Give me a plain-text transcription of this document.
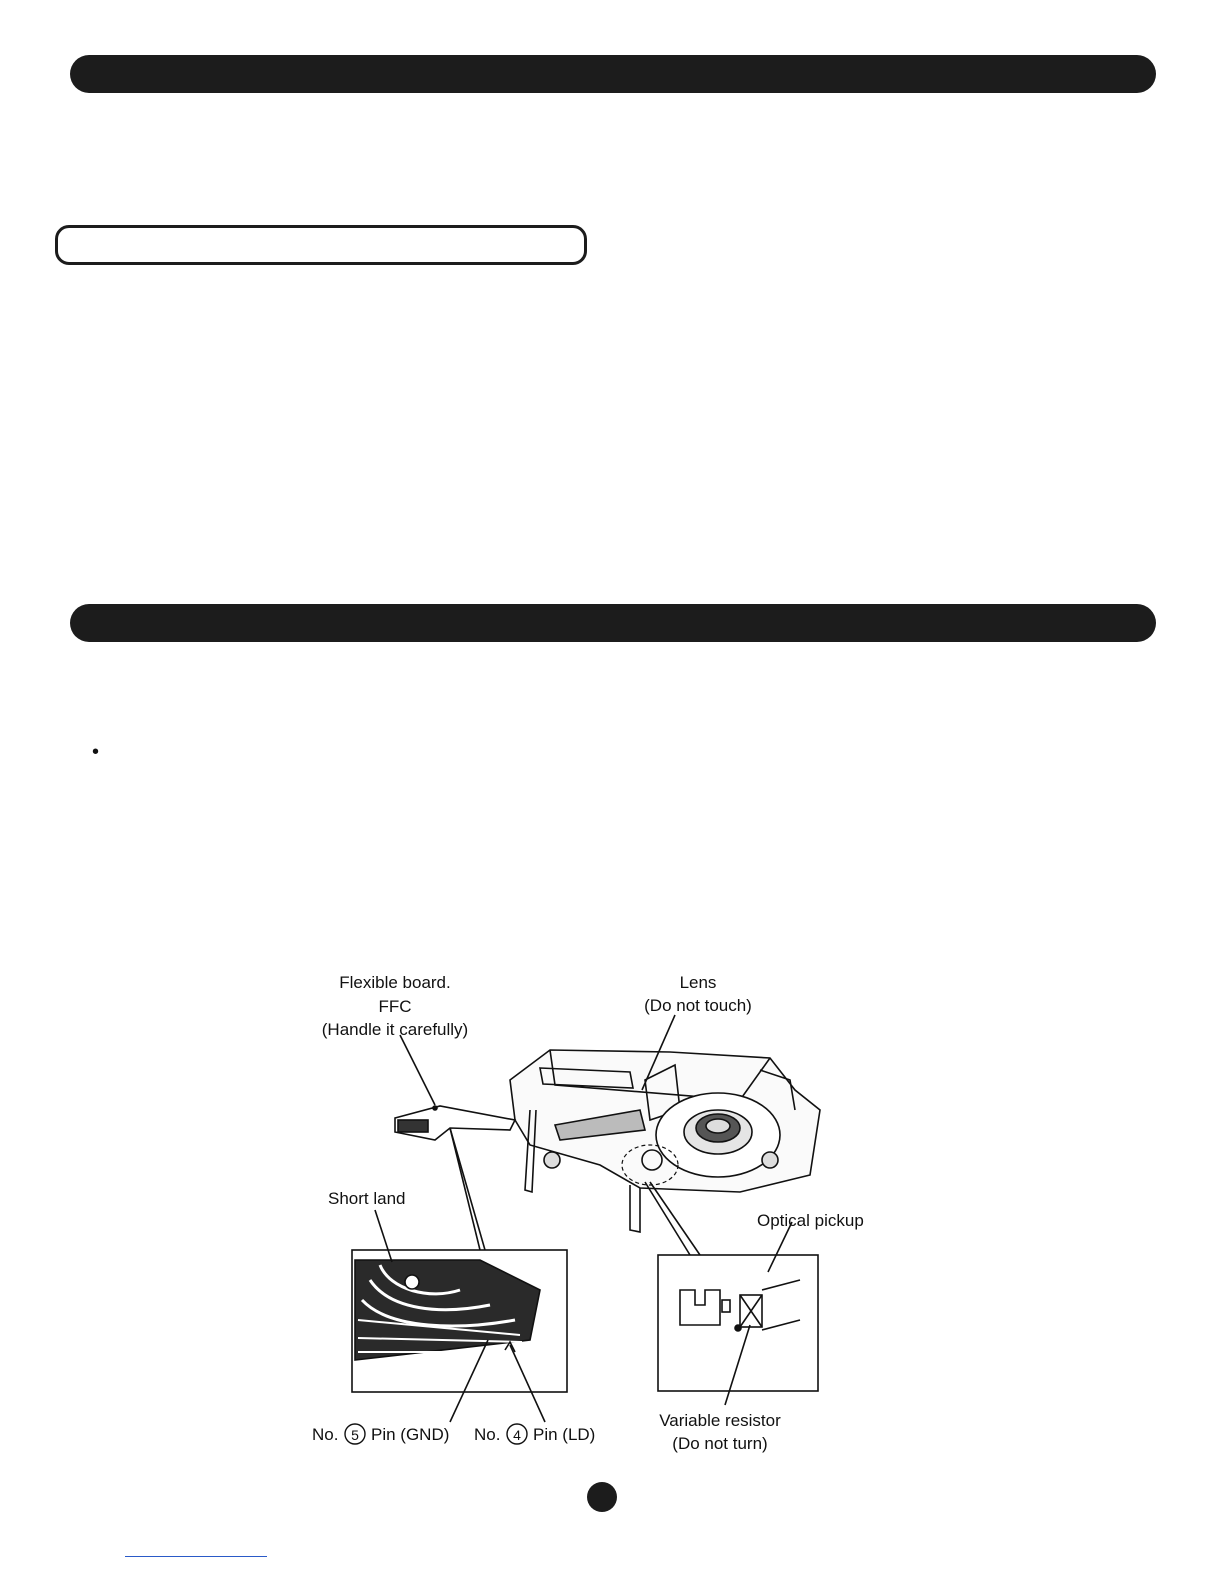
•
Flexible board.
FFC
(Handle it carefully)
Lens
(Do not touch)
Short land
Optical pickup
No. 5 Pin (GND) No. 4 Pin (LD)
Variable resistor
(Do not turn)
